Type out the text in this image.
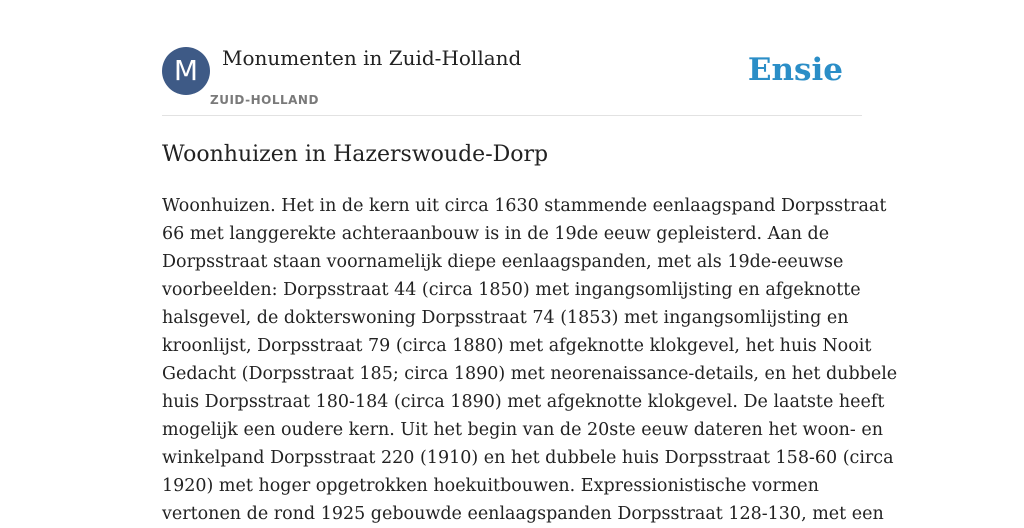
M	Monumenten in Zuid-Holland
ZUID-HOLLAND
Ensie
Woonhuizen in Hazerswoude-Dorp
Woonhuizen. Het in de kern uit circa 1630 stammende eenlaagspand Dorpsstraat
66 met langgerekte achteraanbouw is in de 19de eeuw gepleisterd. Aan de
Dorpsstraat staan voornamelijk diepe eenlaagspanden, met als 19de-eeuwse
voorbeelden: Dorpsstraat 44 (circa 1850) met ingangsomlijsting en afgeknotte
halsgevel, de dokterswoning Dorpsstraat 74 (1853) met ingangsomlijsting en
kroonlijst, Dorpsstraat 79 (circa 1880) met afgeknotte klokgevel, het huis Nooit
Gedacht (Dorpsstraat 185; circa 1890) met neorenaissance-details, en het dubbele
huis Dorpsstraat 180-184 (circa 1890) met afgeknotte klokgevel. De laatste heeft
mogelijk een oudere kern. Uit het begin van de 20ste eeuw dateren het woon- en
winkelpand Dorpsstraat 220 (1910) en het dubbele huis Dorpsstraat 158-60 (circa
1920) met hoger opgetrokken hoekuitbouwen. Expressionistische vormen
vertonen de rond 1925 gebouwde eenlaagspanden Dorpsstraat 128-130, met een
